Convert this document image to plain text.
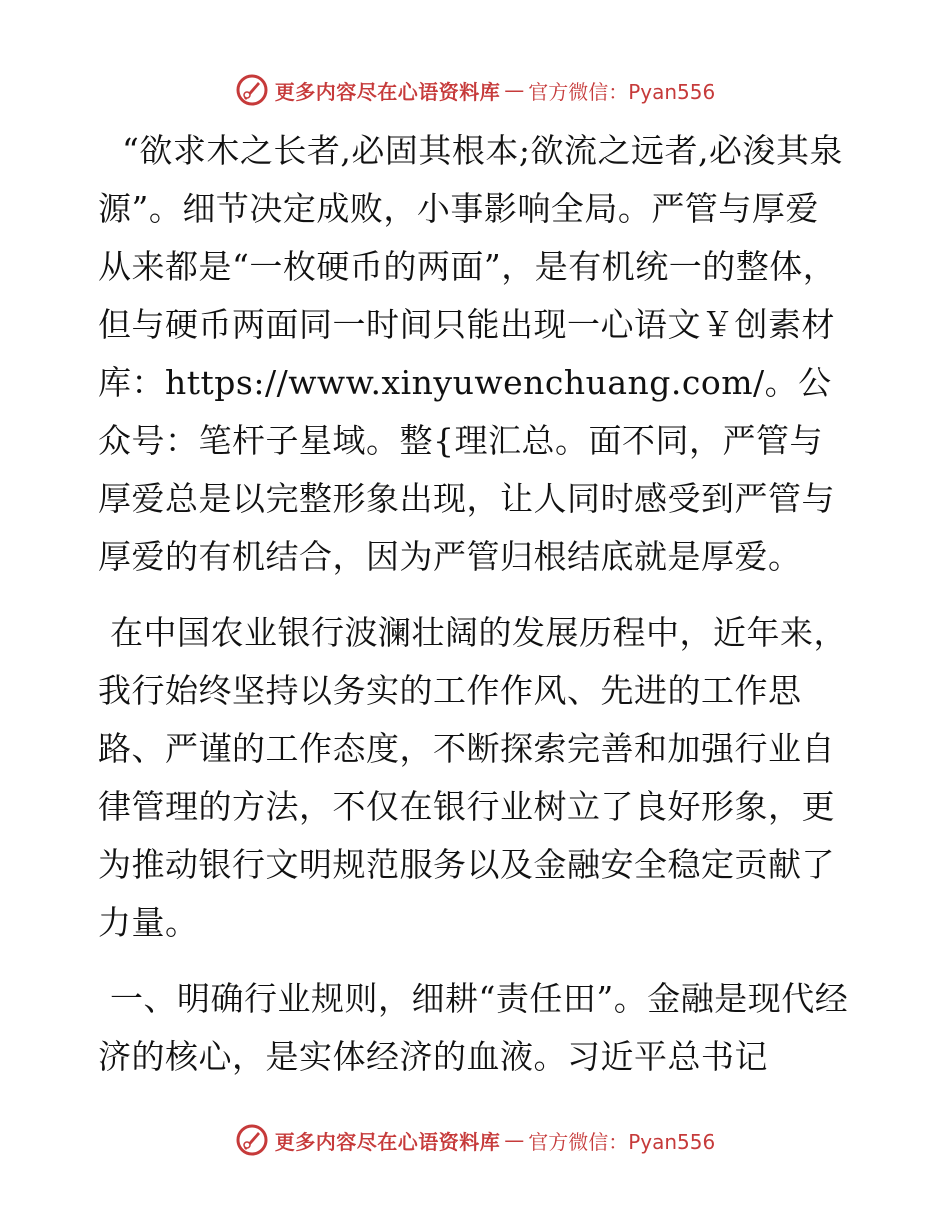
更多内容尽在心语资料库 — 官方微信：Pyan556

“欲求木之长者,必固其根本;欲流之远者,必浚其泉源”。细节决定成败，小事影响全局。严管与厚爱从来都是“一枚硬币的两面”，是有机统一的整体，但与硬币两面同一时间只能出现一心语文￥创素材库：https://www.xinyuwenchuang.com/。公众号：笔杆子星域。整{理汇总。面不同，严管与厚爱总是以完整形象出现，让人同时感受到严管与厚爱的有机结合，因为严管归根结底就是厚爱。

在中国农业银行波澜壮阔的发展历程中，近年来，我行始终坚持以务实的工作作风、先进的工作思路、严谨的工作态度，不断探索完善和加强行业自律管理的方法，不仅在银行业树立了良好形象，更为推动银行文明规范服务以及金融安全稳定贡献了力量。

一、明确行业规则，细耕“责任田”。金融是现代经济的核心，是实体经济的血液。习近平总书记

更多内容尽在心语资料库 — 官方微信：Pyan556
